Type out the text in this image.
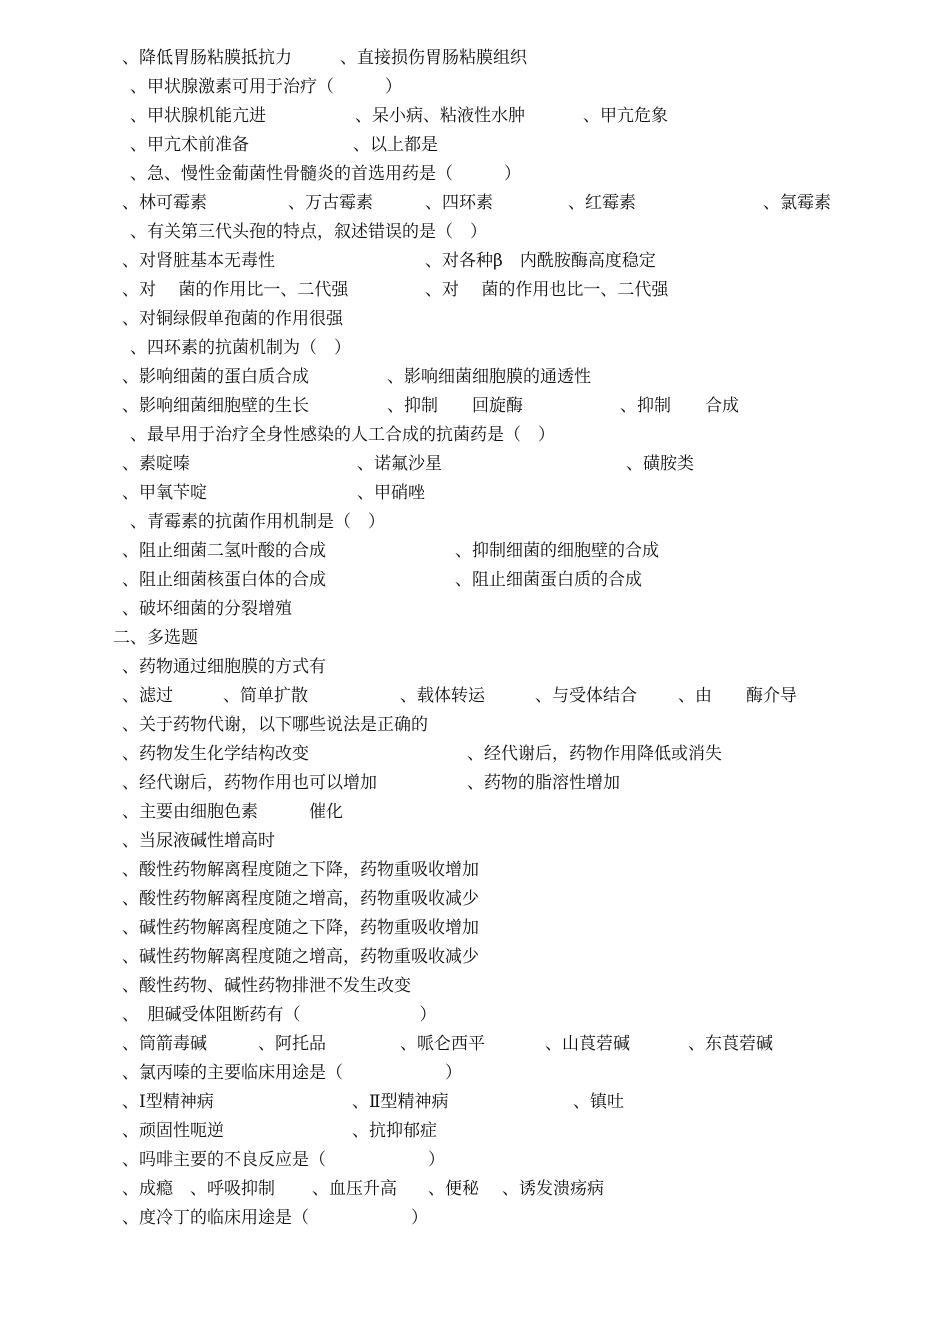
、降低胃肠粘膜抵抗力	、直接损伤胃肠粘膜组织
、甲状腺激素可用于治疗（　　　）
、甲状腺机能亢进	、呆小病、粘液性水肿	、甲亢危象
、甲亢术前准备	、以上都是
、急、慢性金葡菌性骨髓炎的首选用药是（　　　）
、林可霉素	、万古霉素	、四环素	、红霉素	、氯霉素
、有关第三代头孢的特点，叙述错误的是（　）
、对肾脏基本无毒性	、对各种β　内酰胺酶高度稳定
、对　 菌的作用比一、二代强	、对　 菌的作用也比一、二代强
、对铜绿假单孢菌的作用很强
、四环素的抗菌机制为（　）
、影响细菌的蛋白质合成	、影响细菌细胞膜的通透性
、影响细菌细胞壁的生长	、抑制　　回旋酶	、抑制　　合成
、最早用于治疗全身性感染的人工合成的抗菌药是（　）
、素啶嗪	、诺氟沙星	、磺胺类
、甲氧苄啶	、甲硝唑
、青霉素的抗菌作用机制是（　）
、阻止细菌二氢叶酸的合成	、抑制细菌的细胞壁的合成
、阻止细菌核蛋白体的合成	、阻止细菌蛋白质的合成
、破坏细菌的分裂增殖
二、多选题
、药物通过细胞膜的方式有
、滤过	、简单扩散	、载体转运	、与受体结合 、由　　酶介导
、关于药物代谢，以下哪些说法是正确的
、药物发生化学结构改变	、经代谢后，药物作用降低或消失
、经代谢后，药物作用也可以增加	、药物的脂溶性增加
、主要由细胞色素　　　催化
、当尿液碱性增高时
、酸性药物解离程度随之下降，药物重吸收增加
、酸性药物解离程度随之增高，药物重吸收减少
、碱性药物解离程度随之下降，药物重吸收增加
、碱性药物解离程度随之增高，药物重吸收减少
、酸性药物、碱性药物排泄不发生改变
、　胆碱受体阻断药有（　　　　　　　）
、筒箭毒碱	、阿托品	、哌仑西平	、山莨菪碱	、东莨菪碱
、氯丙嗪的主要临床用途是（　　　　　　）
、Ⅰ型精神病	、Ⅱ型精神病	、镇吐
、顽固性呃逆	、抗抑郁症
、吗啡主要的不良反应是（　　　　　　）
、成瘾 、呼吸抑制 、血压升高 、便秘 、诱发溃疡病
、度冷丁的临床用途是（　　　　　　）
